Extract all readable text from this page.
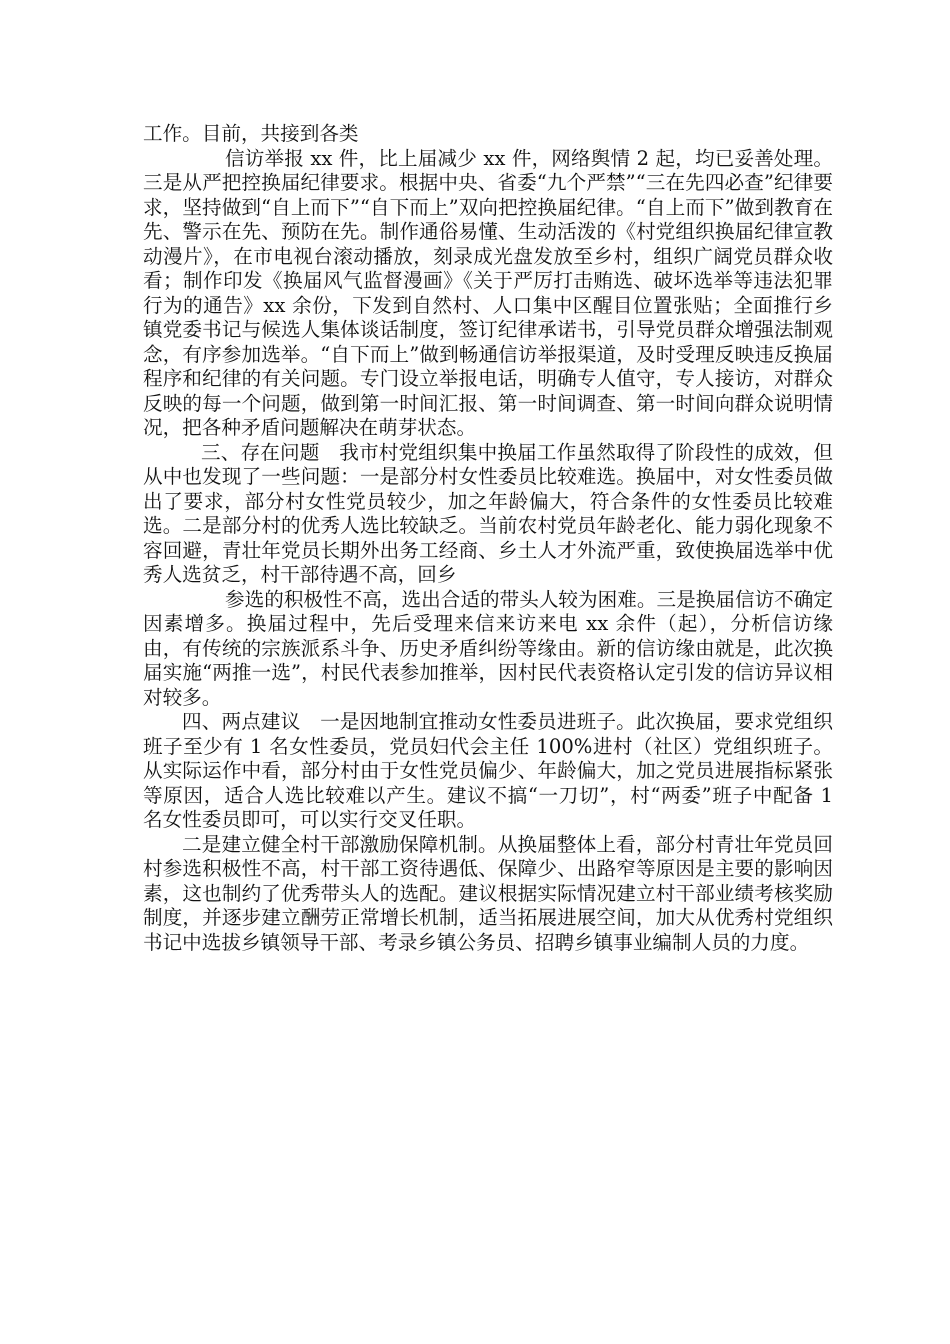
工作。目前，共接到各类

信访举报 xx 件，比上届减少 xx 件，网络舆情 2 起，均已妥善处理。三是从严把控换届纪律要求。根据中央、省委“九个严禁”“三在先四必查”纪律要求，坚持做到“自上而下”“自下而上”双向把控换届纪律。“自上而下”做到教育在先、警示在先、预防在先。制作通俗易懂、生动活泼的《村党组织换届纪律宣教动漫片》，在市电视台滚动播放，刻录成光盘发放至乡村，组织广阔党员群众收看；制作印发《换届风气监督漫画》《关于严厉打击贿选、破坏选举等违法犯罪行为的通告》xx 余份，下发到自然村、人口集中区醒目位置张贴；全面推行乡镇党委书记与候选人集体谈话制度，签订纪律承诺书，引导党员群众增强法制观念，有序参加选举。“自下而上”做到畅通信访举报渠道，及时受理反映违反换届程序和纪律的有关问题。专门设立举报电话，明确专人值守，专人接访，对群众反映的每一个问题，做到第一时间汇报、第一时间调查、第一时间向群众说明情况，把各种矛盾问题解决在萌芽状态。

三、存在问题　我市村党组织集中换届工作虽然取得了阶段性的成效，但从中也发现了一些问题：一是部分村女性委员比较难选。换届中，对女性委员做出了要求，部分村女性党员较少，加之年龄偏大，符合条件的女性委员比较难选。二是部分村的优秀人选比较缺乏。当前农村党员年龄老化、能力弱化现象不容回避，青壮年党员长期外出务工经商、乡土人才外流严重，致使换届选举中优秀人选贫乏，村干部待遇不高，回乡

参选的积极性不高，选出合适的带头人较为困难。三是换届信访不确定因素增多。换届过程中，先后受理来信来访来电 xx 余件（起），分析信访缘由，有传统的宗族派系斗争、历史矛盾纠纷等缘由。新的信访缘由就是，此次换届实施“两推一选”，村民代表参加推举，因村民代表资格认定引发的信访异议相对较多。

四、两点建议　一是因地制宜推动女性委员进班子。此次换届，要求党组织班子至少有 1 名女性委员，党员妇代会主任 100%进村（社区）党组织班子。从实际运作中看，部分村由于女性党员偏少、年龄偏大，加之党员进展指标紧张等原因，适合人选比较难以产生。建议不搞“一刀切”，村“两委”班子中配备 1 名女性委员即可，可以实行交叉任职。

二是建立健全村干部激励保障机制。从换届整体上看，部分村青壮年党员回村参选积极性不高，村干部工资待遇低、保障少、出路窄等原因是主要的影响因素，这也制约了优秀带头人的选配。建议根据实际情况建立村干部业绩考核奖励制度，并逐步建立酬劳正常增长机制，适当拓展进展空间，加大从优秀村党组织书记中选拔乡镇领导干部、考录乡镇公务员、招聘乡镇事业编制人员的力度。
